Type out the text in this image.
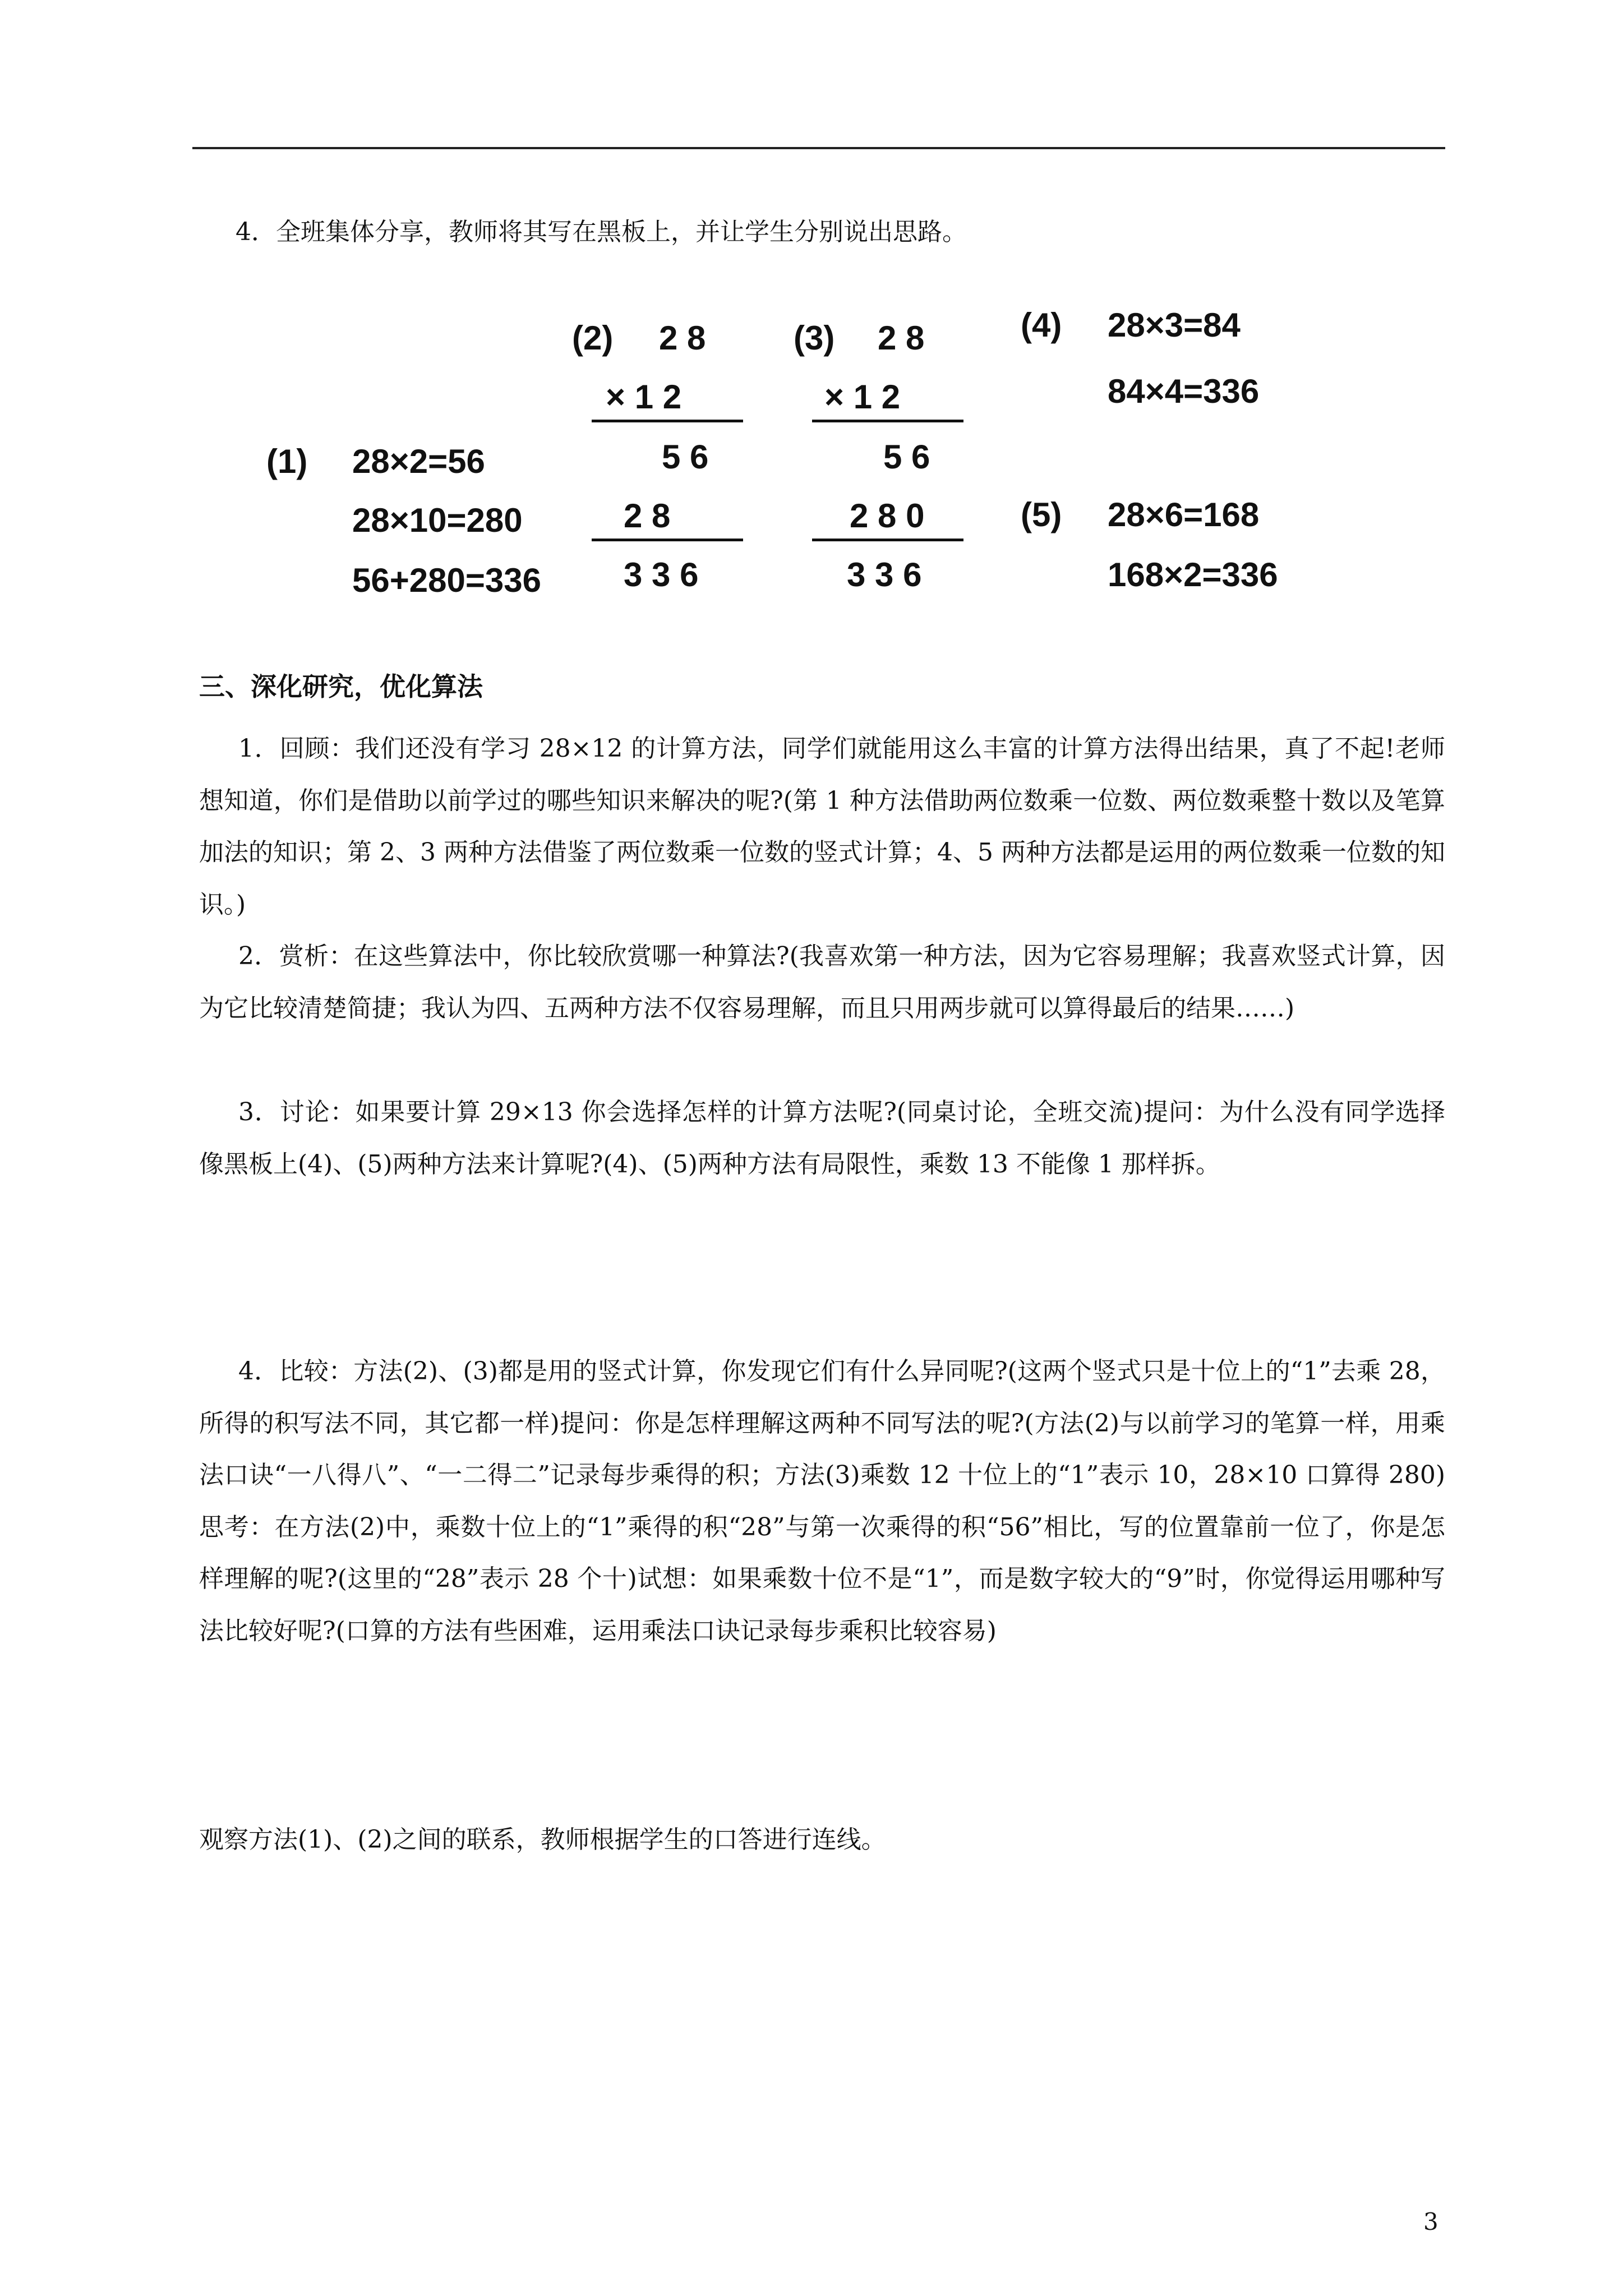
4．全班集体分享，教师将其写在黑板上，并让学生分别说出思路。
(1) 28×2=56
28×10=280
56+280=336
(2) 2 8
× 1 2
5 6
2 8
3 3 6
(3) 2 8
× 1 2
5 6
2 8 0
3 3 6
(4) 28×3=84
84×4=336
(5) 28×6=168
168×2=336
三、深化研究，优化算法
1．回顾：我们还没有学习 28×12 的计算方法，同学们就能用这么丰富的计算方法得出结果，真了不起!老师想知道，你们是借助以前学过的哪些知识来解决的呢?(第 1 种方法借助两位数乘一位数、两位数乘整十数以及笔算加法的知识；第 2、3 两种方法借鉴了两位数乘一位数的竖式计算；4、5 两种方法都是运用的两位数乘一位数的知识。)
2．赏析：在这些算法中，你比较欣赏哪一种算法?(我喜欢第一种方法，因为它容易理解；我喜欢竖式计算，因为它比较清楚简捷；我认为四、五两种方法不仅容易理解，而且只用两步就可以算得最后的结果……)
3．讨论：如果要计算 29×13 你会选择怎样的计算方法呢?(同桌讨论，全班交流)提问：为什么没有同学选择像黑板上(4)、(5)两种方法来计算呢?(4)、(5)两种方法有局限性，乘数 13 不能像 1 那样拆。
4．比较：方法(2)、(3)都是用的竖式计算，你发现它们有什么异同呢?(这两个竖式只是十位上的“1”去乘 28，所得的积写法不同，其它都一样)提问：你是怎样理解这两种不同写法的呢?(方法(2)与以前学习的笔算一样，用乘法口诀“一八得八”、“一二得二”记录每步乘得的积；方法(3)乘数 12 十位上的“1”表示 10，28×10 口算得 280)思考：在方法(2)中，乘数十位上的“1”乘得的积“28”与第一次乘得的积“56”相比，写的位置靠前一位了，你是怎样理解的呢?(这里的“28”表示 28 个十)试想：如果乘数十位不是“1”，而是数字较大的“9”时，你觉得运用哪种写法比较好呢?(口算的方法有些困难，运用乘法口诀记录每步乘积比较容易)
观察方法(1)、(2)之间的联系，教师根据学生的口答进行连线。
3
